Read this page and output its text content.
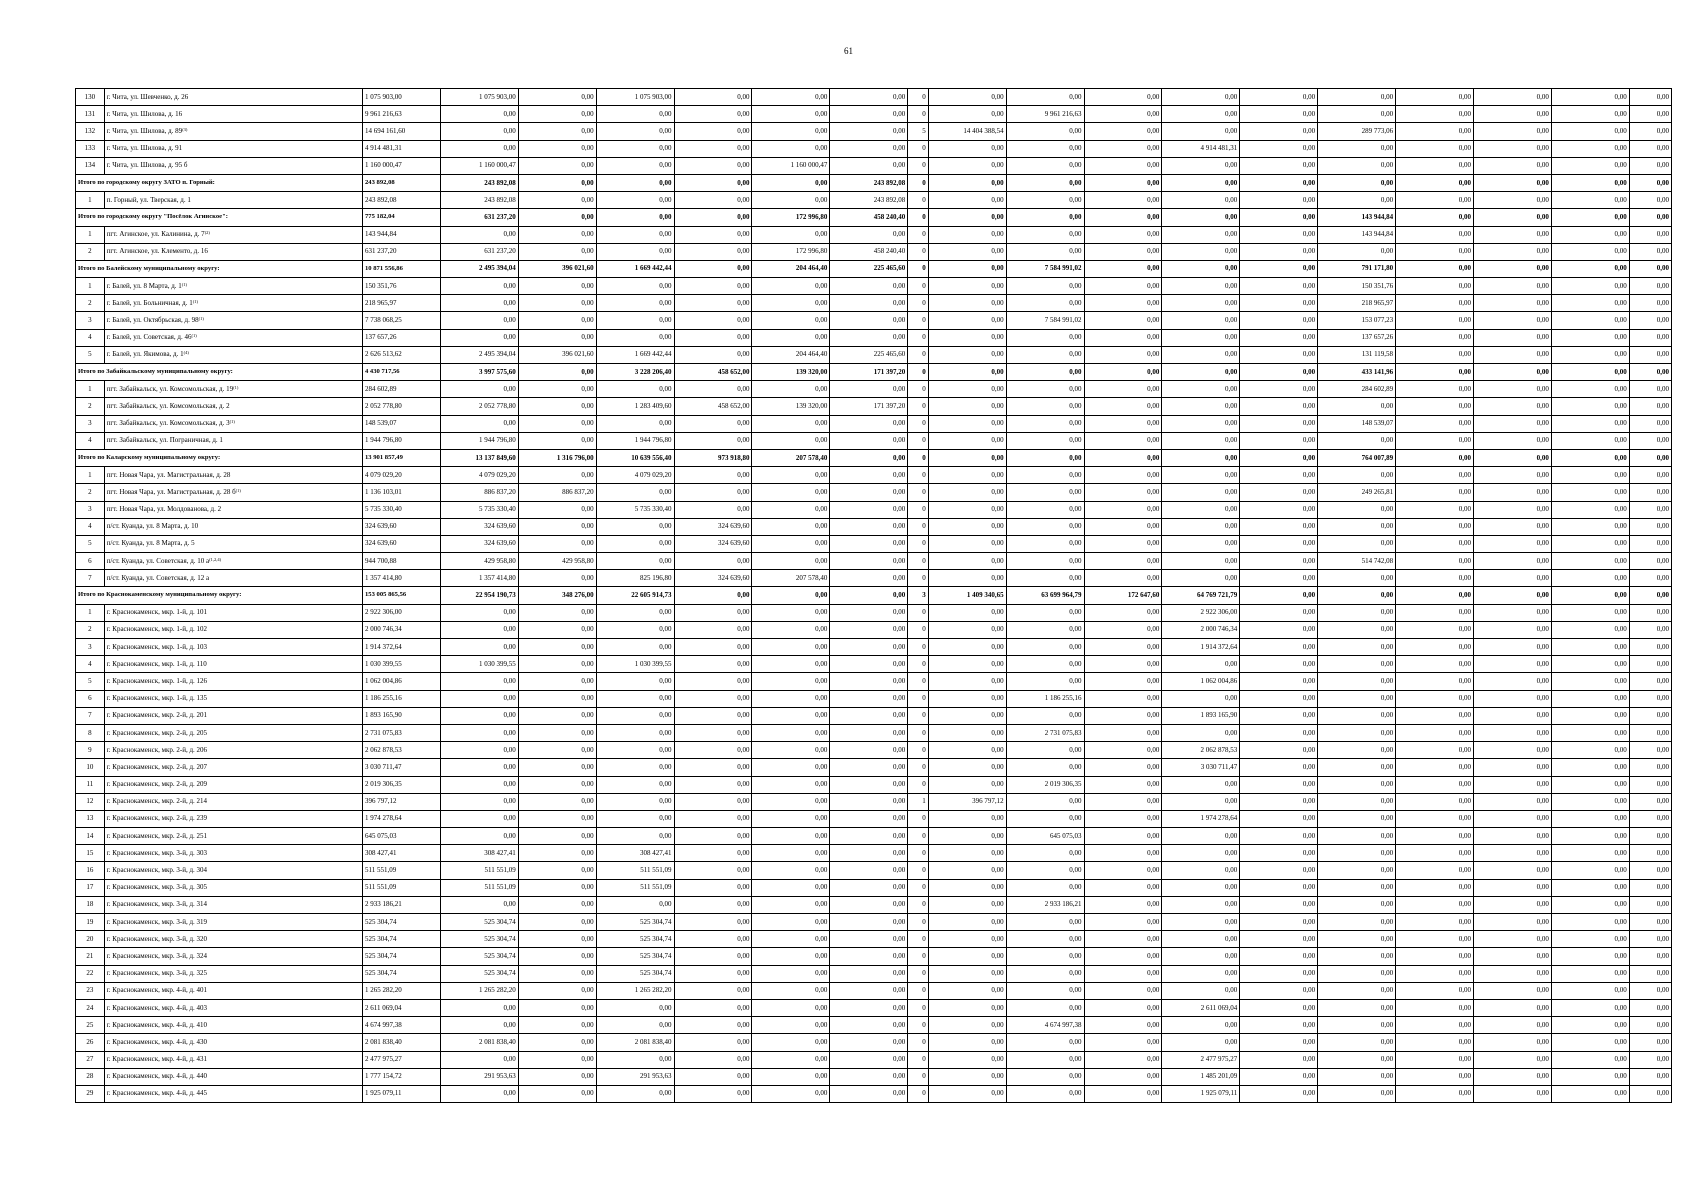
61
130	г. Чита, ул. Шевченко, д. 26	1 075 903,00	1 075 903,00	0,00	1 075 903,00	0,00	0,00	0,00	0	0,00	0,00	0,00	0,00	0,00	0,00	0,00	0,00	0,00	0,00
131	г. Чита, ул. Шилова, д. 16	9 961 216,63	0,00	0,00	0,00	0,00	0,00	0,00	0	0,00	9 961 216,63	0,00	0,00	0,00	0,00	0,00	0,00	0,00	0,00
132	г. Чита, ул. Шилова, д. 89$^{(3)}$	14 694 161,60	0,00	0,00	0,00	0,00	0,00	0,00	5	14 404 388,54	0,00	0,00	0,00	0,00	289 773,06	0,00	0,00	0,00	0,00
133	г. Чита, ул. Шилова, д. 91	4 914 481,31	0,00	0,00	0,00	0,00	0,00	0,00	0	0,00	0,00	0,00	4 914 481,31	0,00	0,00	0,00	0,00	0,00	0,00
134	г. Чита, ул. Шилова, д. 95 б	1 160 000,47	1 160 000,47	0,00	0,00	0,00	1 160 000,47	0,00	0	0,00	0,00	0,00	0,00	0,00	0,00	0,00	0,00	0,00	0,00
Итого по городскому округу ЗАТО п. Горный:		243 892,08	243 892,08	0,00	0,00	0,00	0,00	243 892,08	0	0,00	0,00	0,00	0,00	0,00	0,00	0,00	0,00	0,00	0,00
1	п. Горный, ул. Тверская, д. 1	243 892,08	243 892,08	0,00	0,00	0,00	0,00	243 892,08	0	0,00	0,00	0,00	0,00	0,00	0,00	0,00	0,00	0,00	0,00
Итого по городскому округу "Посёлок Агинское":		775 182,04	631 237,20	0,00	0,00	0,00	172 996,80	458 240,40	0	0,00	0,00	0,00	0,00	0,00	143 944,84	0,00	0,00	0,00	0,00
1	пгт. Агинское, ул. Калинина, д. 7$^{(2)}$	143 944,84	0,00	0,00	0,00	0,00	0,00	0,00	0	0,00	0,00	0,00	0,00	0,00	143 944,84	0,00	0,00	0,00	0,00
2	пгт. Агинское, ул. Клементо, д. 16	631 237,20	631 237,20	0,00	0,00	0,00	172 996,80	458 240,40	0	0,00	0,00	0,00	0,00	0,00	0,00	0,00	0,00	0,00	0,00
Итого по Балейскому муниципальному округу:		10 871 556,86	2 495 394,04	396 021,60	1 669 442,44	0,00	204 464,40	225 465,60	0	0,00	7 584 991,02	0,00	0,00	0,00	791 171,80	0,00	0,00	0,00	0,00
1	г. Балей, ул. 8 Марта, д. 1$^{(1)}$	150 351,76	0,00	0,00	0,00	0,00	0,00	0,00	0	0,00	0,00	0,00	0,00	0,00	150 351,76	0,00	0,00	0,00	0,00
2	г. Балей, ул. Больничная, д. 1$^{(1)}$	218 965,97	0,00	0,00	0,00	0,00	0,00	0,00	0	0,00	0,00	0,00	0,00	0,00	218 965,97	0,00	0,00	0,00	0,00
3	г. Балей, ул. Октябрьская, д. 98$^{(1)}$	7 738 068,25	0,00	0,00	0,00	0,00	0,00	0,00	0	0,00	7 584 991,02	0,00	0,00	0,00	153 077,23	0,00	0,00	0,00	0,00
4	г. Балей, ул. Советская, д. 46$^{(1)}$	137 657,26	0,00	0,00	0,00	0,00	0,00	0,00	0	0,00	0,00	0,00	0,00	0,00	137 657,26	0,00	0,00	0,00	0,00
5	г. Балей, ул. Якимова, д. 1$^{(4)}$	2 626 513,62	2 495 394,04	396 021,60	1 669 442,44	0,00	204 464,40	225 465,60	0	0,00	0,00	0,00	0,00	0,00	131 119,58	0,00	0,00	0,00	0,00
Итого по Забайкальскому муниципальному округу:		4 430 717,56	3 997 575,60	0,00	3 228 206,40	458 652,00	139 320,00	171 397,20	0	0,00	0,00	0,00	0,00	0,00	433 141,96	0,00	0,00	0,00	0,00
1	пгт. Забайкальск, ул. Комсомольская, д. 19$^{(1)}$	284 602,89	0,00	0,00	0,00	0,00	0,00	0,00	0	0,00	0,00	0,00	0,00	0,00	284 602,89	0,00	0,00	0,00	0,00
2	пгт. Забайкальск, ул. Комсомольская, д. 2	2 052 778,80	2 052 778,80	0,00	1 283 409,60	458 652,00	139 320,00	171 397,20	0	0,00	0,00	0,00	0,00	0,00	0,00	0,00	0,00	0,00	0,00
3	пгт. Забайкальск, ул. Комсомольская, д. 3$^{(1)}$	148 539,07	0,00	0,00	0,00	0,00	0,00	0,00	0	0,00	0,00	0,00	0,00	0,00	148 539,07	0,00	0,00	0,00	0,00
4	пгт. Забайкальск, ул. Пограничная, д. 1	1 944 796,80	1 944 796,80	0,00	1 944 796,80	0,00	0,00	0,00	0	0,00	0,00	0,00	0,00	0,00	0,00	0,00	0,00	0,00	0,00
Итого по Каларскому муниципальному округу:		13 901 857,49	13 137 849,60	1 316 796,00	10 639 556,40	973 918,80	207 578,40	0,00	0	0,00	0,00	0,00	0,00	0,00	764 007,89	0,00	0,00	0,00	0,00
1	пгт. Новая Чара, ул. Магистральная, д. 28	4 079 029,20	4 079 029,20	0,00	4 079 029,20	0,00	0,00	0,00	0	0,00	0,00	0,00	0,00	0,00	0,00	0,00	0,00	0,00	0,00
2	пгт. Новая Чара, ул. Магистральная, д. 28 $б^{(1)}$	1 136 103,01	886 837,20	886 837,20	0,00	0,00	0,00	0,00	0	0,00	0,00	0,00	0,00	0,00	249 265,81	0,00	0,00	0,00	0,00
3	пгт. Новая Чара, ул. Молдованова, д. 2	5 735 330,40	5 735 330,40	0,00	5 735 330,40	0,00	0,00	0,00	0	0,00	0,00	0,00	0,00	0,00	0,00	0,00	0,00	0,00	0,00
4	п/ст. Куанда, ул. 8 Марта, д. 10	324 639,60	324 639,60	0,00	0,00	324 639,60	0,00	0,00	0	0,00	0,00	0,00	0,00	0,00	0,00	0,00	0,00	0,00	0,00
5	п/ст. Куанда, ул. 8 Марта, д. 5	324 639,60	324 639,60	0,00	0,00	324 639,60	0,00	0,00	0	0,00	0,00	0,00	0,00	0,00	0,00	0,00	0,00	0,00	0,00
6	п/ст. Куанда, ул. Советская, д. 10 $а^{(1,2,4)}$	944 700,88	429 958,80	429 958,80	0,00	0,00	0,00	0,00	0	0,00	0,00	0,00	0,00	0,00	514 742,08	0,00	0,00	0,00	0,00
7	п/ст. Куанда, ул. Советская, д. 12 а	1 357 414,80	1 357 414,80	0,00	825 196,80	324 639,60	207 578,40	0,00	0	0,00	0,00	0,00	0,00	0,00	0,00	0,00	0,00	0,00	0,00
Итого по Краснокаменскому муниципальному округу:		153 005 865,56	22 954 190,73	348 276,00	22 605 914,73	0,00	0,00	0,00	3	1 409 340,65	63 699 964,79	172 647,60	64 769 721,79	0,00	0,00	0,00	0,00	0,00	0,00
1	г. Краснокаменск, мкр. 1-й, д. 101	2 922 306,00	0,00	0,00	0,00	0,00	0,00	0,00	0	0,00	0,00	0,00	2 922 306,00	0,00	0,00	0,00	0,00	0,00	0,00
2	г. Краснокаменск, мкр. 1-й, д. 102	2 000 746,34	0,00	0,00	0,00	0,00	0,00	0,00	0	0,00	0,00	0,00	2 000 746,34	0,00	0,00	0,00	0,00	0,00	0,00
3	г. Краснокаменск, мкр. 1-й, д. 103	1 914 372,64	0,00	0,00	0,00	0,00	0,00	0,00	0	0,00	0,00	0,00	1 914 372,64	0,00	0,00	0,00	0,00	0,00	0,00
4	г. Краснокаменск, мкр. 1-й, д. 110	1 030 399,55	1 030 399,55	0,00	1 030 399,55	0,00	0,00	0,00	0	0,00	0,00	0,00	0,00	0,00	0,00	0,00	0,00	0,00	0,00
5	г. Краснокаменск, мкр. 1-й, д. 126	1 062 004,86	0,00	0,00	0,00	0,00	0,00	0,00	0	0,00	0,00	0,00	1 062 004,86	0,00	0,00	0,00	0,00	0,00	0,00
6	г. Краснокаменск, мкр. 1-й, д. 135	1 186 255,16	0,00	0,00	0,00	0,00	0,00	0,00	0	0,00	1 186 255,16	0,00	0,00	0,00	0,00	0,00	0,00	0,00	0,00
7	г. Краснокаменск, мкр. 2-й, д. 201	1 893 165,90	0,00	0,00	0,00	0,00	0,00	0,00	0	0,00	0,00	0,00	1 893 165,90	0,00	0,00	0,00	0,00	0,00	0,00
8	г. Краснокаменск, мкр. 2-й, д. 205	2 731 075,83	0,00	0,00	0,00	0,00	0,00	0,00	0	0,00	2 731 075,83	0,00	0,00	0,00	0,00	0,00	0,00	0,00	0,00
9	г. Краснокаменск, мкр. 2-й, д. 206	2 062 878,53	0,00	0,00	0,00	0,00	0,00	0,00	0	0,00	0,00	0,00	2 062 878,53	0,00	0,00	0,00	0,00	0,00	0,00
10	г. Краснокаменск, мкр. 2-й, д. 207	3 030 711,47	0,00	0,00	0,00	0,00	0,00	0,00	0	0,00	0,00	0,00	3 030 711,47	0,00	0,00	0,00	0,00	0,00	0,00
11	г. Краснокаменск, мкр. 2-й, д. 209	2 019 306,35	0,00	0,00	0,00	0,00	0,00	0,00	0	0,00	2 019 306,35	0,00	0,00	0,00	0,00	0,00	0,00	0,00	0,00
12	г. Краснокаменск, мкр. 2-й, д. 214	396 797,12	0,00	0,00	0,00	0,00	0,00	0,00	1	396 797,12	0,00	0,00	0,00	0,00	0,00	0,00	0,00	0,00	0,00
13	г. Краснокаменск, мкр. 2-й, д. 239	1 974 278,64	0,00	0,00	0,00	0,00	0,00	0,00	0	0,00	0,00	0,00	1 974 278,64	0,00	0,00	0,00	0,00	0,00	0,00
14	г. Краснокаменск, мкр. 2-й, д. 251	645 075,03	0,00	0,00	0,00	0,00	0,00	0,00	0	0,00	645 075,03	0,00	0,00	0,00	0,00	0,00	0,00	0,00	0,00
15	г. Краснокаменск, мкр. 3-й, д. 303	308 427,41	308 427,41	0,00	308 427,41	0,00	0,00	0,00	0	0,00	0,00	0,00	0,00	0,00	0,00	0,00	0,00	0,00	0,00
16	г. Краснокаменск, мкр. 3-й, д. 304	511 551,09	511 551,09	0,00	511 551,09	0,00	0,00	0,00	0	0,00	0,00	0,00	0,00	0,00	0,00	0,00	0,00	0,00	0,00
17	г. Краснокаменск, мкр. 3-й, д. 305	511 551,09	511 551,09	0,00	511 551,09	0,00	0,00	0,00	0	0,00	0,00	0,00	0,00	0,00	0,00	0,00	0,00	0,00	0,00
18	г. Краснокаменск, мкр. 3-й, д. 314	2 933 186,21	0,00	0,00	0,00	0,00	0,00	0,00	0	0,00	2 933 186,21	0,00	0,00	0,00	0,00	0,00	0,00	0,00	0,00
19	г. Краснокаменск, мкр. 3-й, д. 319	525 304,74	525 304,74	0,00	525 304,74	0,00	0,00	0,00	0	0,00	0,00	0,00	0,00	0,00	0,00	0,00	0,00	0,00	0,00
20	г. Краснокаменск, мкр. 3-й, д. 320	525 304,74	525 304,74	0,00	525 304,74	0,00	0,00	0,00	0	0,00	0,00	0,00	0,00	0,00	0,00	0,00	0,00	0,00	0,00
21	г. Краснокаменск, мкр. 3-й, д. 324	525 304,74	525 304,74	0,00	525 304,74	0,00	0,00	0,00	0	0,00	0,00	0,00	0,00	0,00	0,00	0,00	0,00	0,00	0,00
22	г. Краснокаменск, мкр. 3-й, д. 325	525 304,74	525 304,74	0,00	525 304,74	0,00	0,00	0,00	0	0,00	0,00	0,00	0,00	0,00	0,00	0,00	0,00	0,00	0,00
23	г. Краснокаменск, мкр. 4-й, д. 401	1 265 282,20	1 265 282,20	0,00	1 265 282,20	0,00	0,00	0,00	0	0,00	0,00	0,00	0,00	0,00	0,00	0,00	0,00	0,00	0,00
24	г. Краснокаменск, мкр. 4-й, д. 403	2 611 069,04	0,00	0,00	0,00	0,00	0,00	0,00	0	0,00	0,00	0,00	2 611 069,04	0,00	0,00	0,00	0,00	0,00	0,00
25	г. Краснокаменск, мкр. 4-й, д. 410	4 674 997,38	0,00	0,00	0,00	0,00	0,00	0,00	0	0,00	4 674 997,38	0,00	0,00	0,00	0,00	0,00	0,00	0,00	0,00
26	г. Краснокаменск, мкр. 4-й, д. 430	2 081 838,40	2 081 838,40	0,00	2 081 838,40	0,00	0,00	0,00	0	0,00	0,00	0,00	0,00	0,00	0,00	0,00	0,00	0,00	0,00
27	г. Краснокаменск, мкр. 4-й, д. 431	2 477 975,27	0,00	0,00	0,00	0,00	0,00	0,00	0	0,00	0,00	0,00	2 477 975,27	0,00	0,00	0,00	0,00	0,00	0,00
28	г. Краснокаменск, мкр. 4-й, д. 440	1 777 154,72	291 953,63	0,00	291 953,63	0,00	0,00	0,00	0	0,00	0,00	0,00	1 485 201,09	0,00	0,00	0,00	0,00	0,00	0,00
29	г. Краснокаменск, мкр. 4-й, д. 445	1 925 079,11	0,00	0,00	0,00	0,00	0,00	0,00	0	0,00	0,00	0,00	1 925 079,11	0,00	0,00	0,00	0,00	0,00	0,00
